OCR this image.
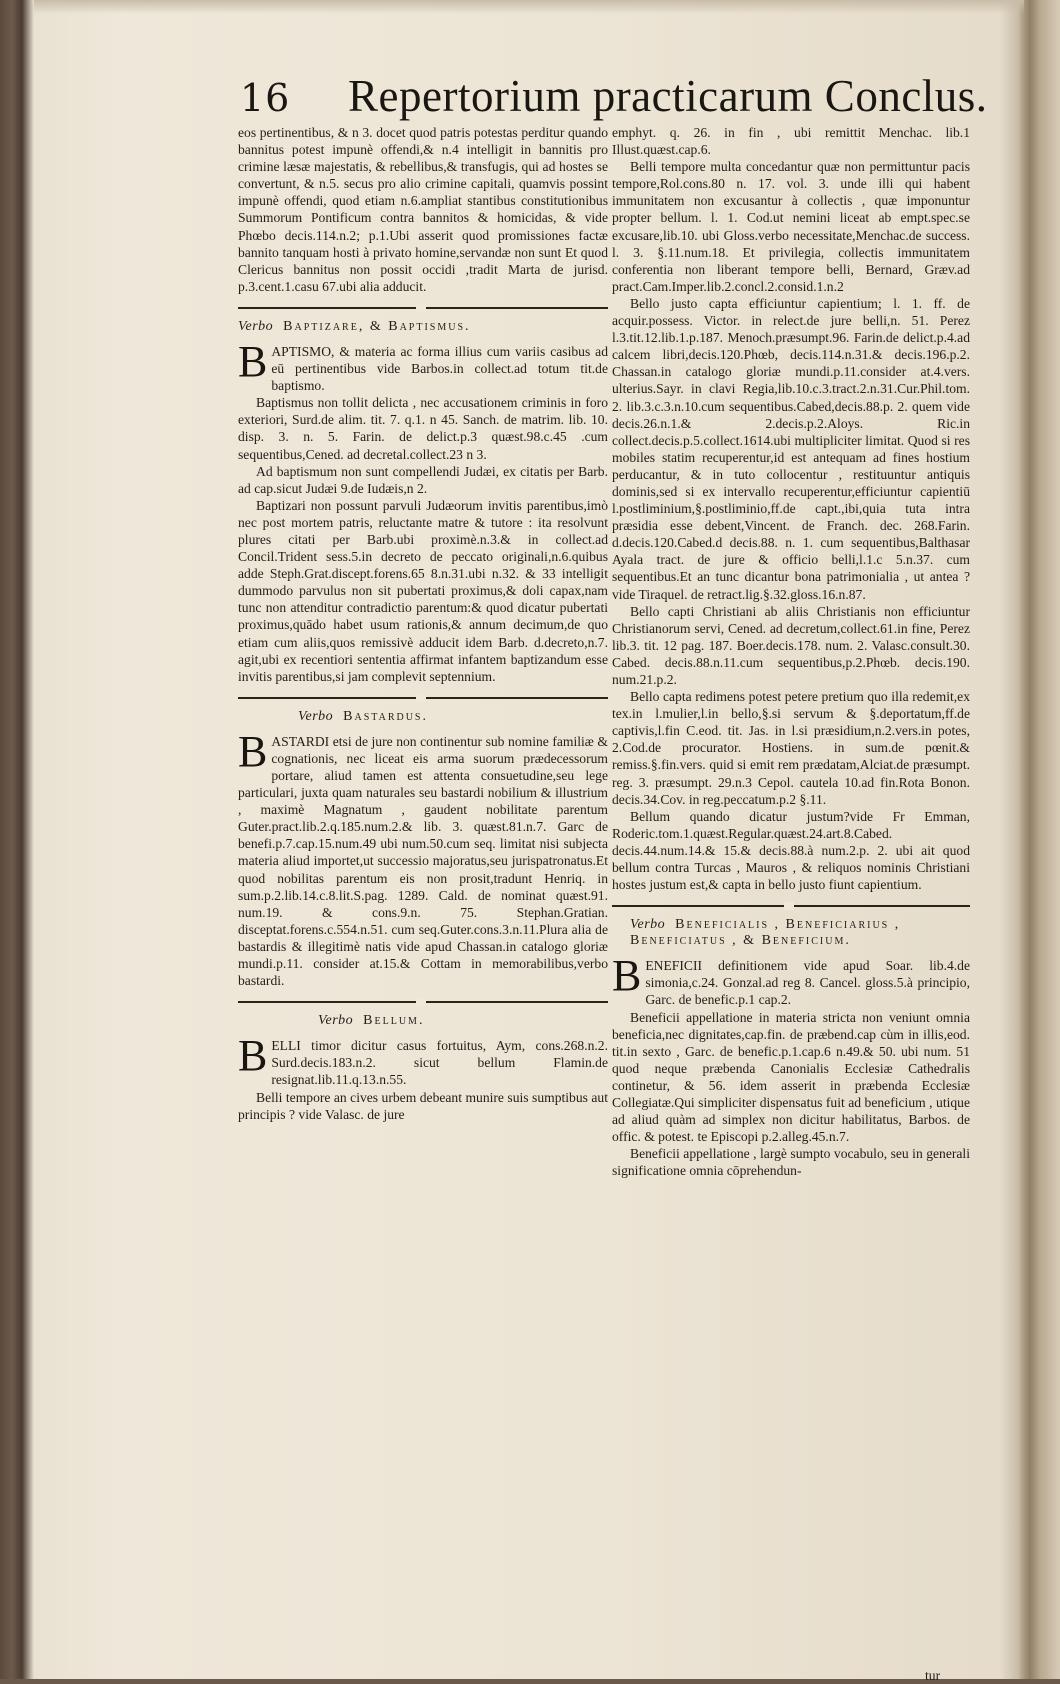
16 Repertorium practicarum Conclus.

eos pertinentibus, & n 3. docet quod patris potestas perditur quando bannitus potest impunè offendi,& n.4 intelligit in bannitis pro crimine læsæ majestatis, & rebellibus,& transfugis, qui ad hostes se convertunt, & n.5. secus pro alio crimine capitali, quamvis possint impunè offendi, quod etiam n.6.ampliat stantibus constitutionibus Summorum Pontificum contra bannitos & homicidas, & vide Phœbo decis.114.n.2; p.1.Ubi asserit quod promissiones factæ bannito tanquam hosti à privato homine,servandæ non sunt Et quod Clericus bannitus non possit occidi ,tradit Marta de jurisd. p.3.cent.1.casu 67.ubi alia adducit.

Verbo Baptizare, & Baptismus.

B APTISMO, & materia ac forma illius cum variis casibus ad eū pertinentibus vide Barbos.in collect.ad totum tit.de baptismo.

Baptismus non tollit delicta , nec accusationem criminis in foro exteriori, Surd.de alim. tit. 7. q.1. n 45. Sanch. de matrim. lib. 10. disp. 3. n. 5. Farin. de delict.p.3 quæst.98.c.45 .cum sequentibus,Cened. ad decretal.collect.23 n 3.

Ad baptismum non sunt compellendi Judæi, ex citatis per Barb. ad cap.sicut Judæi 9.de Iudæis,n 2.

Baptizari non possunt parvuli Judæorum invitis parentibus,imò nec post mortem patris, reluctante matre & tutore : ita resolvunt plures citati per Barb.ubi proximè.n.3.& in collect.ad Concil.Trident sess.5.in decreto de peccato originali,n.6.quibus adde Steph.Grat.discept.forens.65 8.n.31.ubi n.32. & 33 intelligit dummodo parvulus non sit pubertati proximus,& doli capax,nam tunc non attenditur contradictio parentum:& quod dicatur pubertati proximus,quādo habet usum rationis,& annum decimum,de quo etiam cum aliis,quos remissivè adducit idem Barb. d.decreto,n.7. agit,ubi ex recentiori sententia affirmat infantem baptizandum esse invitis parentibus,si jam complevit septennium.

Verbo Bastardus.

B ASTARDI etsi de jure non continentur sub nomine familiæ & cognationis, nec liceat eis arma suorum prædecessorum portare, aliud tamen est attenta consuetudine,seu lege particulari, juxta quam naturales seu bastardi nobilium & illustrium , maximè Magnatum , gaudent nobilitate parentum Guter.pract.lib.2.q.185.num.2.& lib. 3. quæst.81.n.7. Garc de benefi.p.7.cap.15.num.49 ubi num.50.cum seq. limitat nisi subjecta materia aliud importet,ut successio majoratus,seu jurispatronatus.Et quod nobilitas parentum eis non prosit,tradunt Henriq. in sum.p.2.lib.14.c.8.lit.S.pag. 1289. Cald. de nominat quæst.91. num.19. & cons.9.n. 75. Stephan.Gratian. disceptat.forens.c.554.n.51. cum seq.Guter.cons.3.n.11.Plura alia de bastardis & illegitimè natis vide apud Chassan.in catalogo gloriæ mundi.p.11. consider at.15.& Cottam in memorabilibus,verbo bastardi.

Verbo Bellum.

B ELLI timor dicitur casus fortuitus, Aym, cons.268.n.2. Surd.decis.183.n.2. sicut bellum Flamin.de resignat.lib.11.q.13.n.55.

Belli tempore an cives urbem debeant munire suis sumptibus aut principis ? vide Valasc. de jure

emphyt. q. 26. in fin , ubi remittit Menchac. lib.1 Illust.quæst.cap.6.

Belli tempore multa concedantur quæ non permittuntur pacis tempore,Rol.cons.80 n. 17. vol. 3. unde illi qui habent immunitatem non excusantur à collectis , quæ imponuntur propter bellum. l. 1. Cod.ut nemini liceat ab empt.spec.se excusare,lib.10. ubi Gloss.verbo necessitate,Menchac.de success. l. 3. §.11.num.18. Et privilegia, collectis immunitatem conferentia non liberant tempore belli, Bernard, Græv.ad pract.Cam.Imper.lib.2.concl.2.consid.1.n.2

Bello justo capta efficiuntur capientium; l. 1. ff. de acquir.possess. Victor. in relect.de jure belli,n. 51. Perez l.3.tit.12.lib.1.p.187. Menoch.præsumpt.96. Farin.de delict.p.4.ad calcem libri,decis.120.Phœb, decis.114.n.31.& decis.196.p.2. Chassan.in catalogo gloriæ mundi.p.11.consider at.4.vers. ulterius.Sayr. in clavi Regia,lib.10.c.3.tract.2.n.31.Cur.Phil.tom. 2. lib.3.c.3.n.10.cum sequentibus.Cabed,decis.88.p. 2. quem vide decis.26.n.1.& 2.decis.p.2.Aloys. Ric.in collect.decis.p.5.collect.1614.ubi multipliciter limitat. Quod si res mobiles statim recuperentur,id est antequam ad fines hostium perducantur, & in tuto collocentur , restituuntur antiquis dominis,sed si ex intervallo recuperentur,efficiuntur capientiū l.postliminium,§.postliminio,ff.de capt.,ibi,quia tuta intra præsidia esse debent,Vincent. de Franch. dec. 268.Farin. d.decis.120.Cabed.d decis.88. n. 1. cum sequentibus,Balthasar Ayala tract. de jure & officio belli,l.1.c 5.n.37. cum sequentibus.Et an tunc dicantur bona patrimonialia , ut antea ? vide Tiraquel. de retract.lig.§.32.gloss.16.n.87.

Bello capti Christiani ab aliis Christianis non efficiuntur Christianorum servi, Cened. ad decretum,collect.61.in fine, Perez lib.3. tit. 12 pag. 187. Boer.decis.178. num. 2. Valasc.consult.30. Cabed. decis.88.n.11.cum sequentibus,p.2.Phœb. decis.190. num.21.p.2.

Bello capta redimens potest petere pretium quo illa redemit,ex tex.in l.mulier,l.in bello,§.si servum & §.deportatum,ff.de captivis,l.fin C.eod. tit. Jas. in l.si præsidium,n.2.vers.in potes, 2.Cod.de procurator. Hostiens. in sum.de pœnit.& remiss.§.fin.vers. quid si emit rem prædatam,Alciat.de præsumpt. reg. 3. præsumpt. 29.n.3 Cepol. cautela 10.ad fin.Rota Bonon. decis.34.Cov. in reg.peccatum.p.2 §.11.

Bellum quando dicatur justum?vide Fr Emman, Roderic.tom.1.quæst.Regular.quæst.24.art.8.Cabed. decis.44.num.14.& 15.& decis.88.à num.2.p. 2. ubi ait quod bellum contra Turcas , Mauros , & reliquos nominis Christiani hostes justum est,& capta in bello justo fiunt capientium.

Verbo Beneficialis , Beneficiarius , Beneficiatus , & Beneficium.

B ENEFICII definitionem vide apud Soar. lib.4.de simonia,c.24. Gonzal.ad reg 8. Cancel. gloss.5.à principio, Garc. de benefic.p.1 cap.2.

Beneficii appellatione in materia stricta non veniunt omnia beneficia,nec dignitates,cap.fin. de præbend.cap cùm in illis,eod. tit.in sexto , Garc. de benefic.p.1.cap.6 n.49.& 50. ubi num. 51 quod neque præbenda Canonialis Ecclesiæ Cathedralis continetur, & 56. idem asserit in præbenda Ecclesiæ Collegiatæ.Qui simpliciter dispensatus fuit ad beneficium , utique ad aliud quàm ad simplex non dicitur habilitatus, Barbos. de offic. & potest. te Episcopi p.2.alleg.45.n.7.

Beneficii appellatione , largè sumpto vocabulo, seu in generali significatione omnia cōprehendun-

tur
